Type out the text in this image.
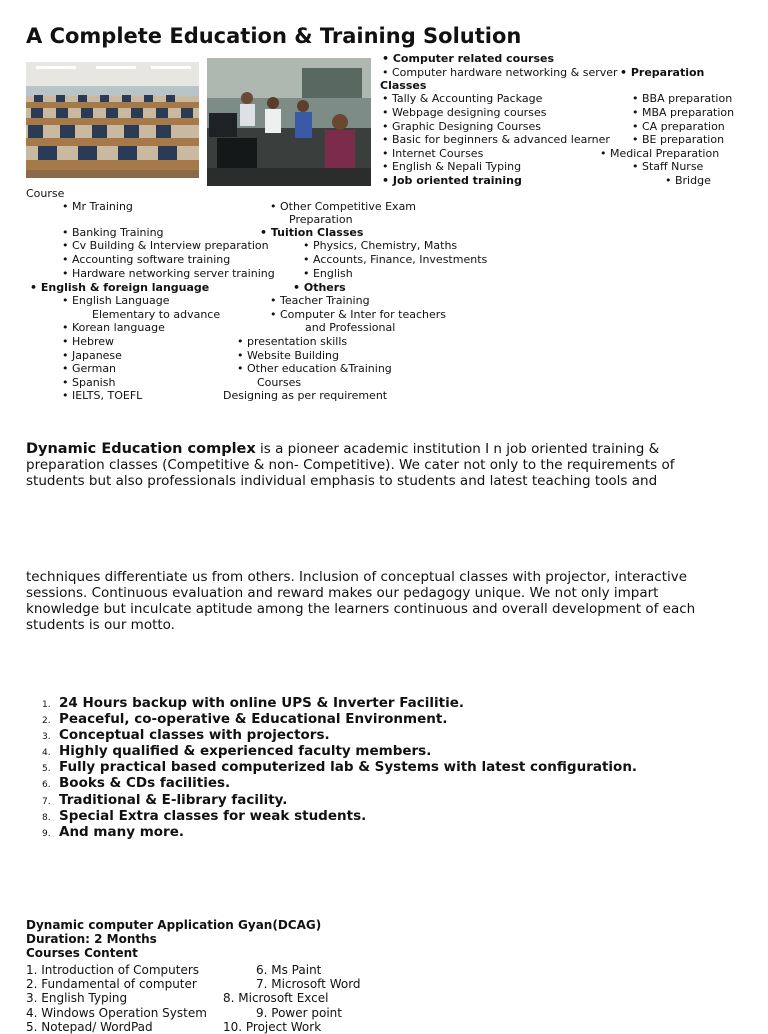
A Complete Education & Training Solution
• Computer related courses
• Computer hardware networking & server • Preparation
Classes
• Tally & Accounting Package	• BBA preparation
• Webpage designing courses	• MBA preparation
• Graphic Designing Courses	• CA preparation
• Basic for beginners & advanced learner • BE preparation
• Internet Courses	• Medical Preparation
• English & Nepali Typing	• Staff Nurse
• Job oriented training	• Bridge
Course
• Mr Training
• Banking Training
• Cv Building & Interview preparation
• Accounting software training
• Hardware networking server training
• English & foreign language
• English Language
Elementary to advance
• Korean language
• Hebrew
• Japanese
• German
• Spanish
• IELTS, TOEFL
• Other Competitive Exam
Preparation
• Tuition Classes
• Physics, Chemistry, Maths
• Accounts, Finance, Investments
• English
• Others
• Teacher Training
• Computer & Inter for teachers
and Professional
• presentation skills
• Website Building
• Other education &Training
Courses
Designing as per requirement
Dynamic Education complex is a pioneer academic institution I n job oriented training & preparation classes (Competitive & non- Competitive). We cater not only to the requirements of students but also professionals individual emphasis to students and latest teaching tools and
techniques differentiate us from others. Inclusion of conceptual classes with projector, interactive sessions. Continuous evaluation and reward makes our pedagogy unique. We not only impart knowledge but inculcate aptitude among the learners continuous and overall development of each students is our motto.
1. 24 Hours backup with online UPS & Inverter Facilitie.
2. Peaceful, co-operative & Educational Environment.
3. Conceptual classes with projectors.
4. Highly qualified & experienced faculty members.
5. Fully practical based computerized lab & Systems with latest configuration.
6. Books & CDs facilities.
7. Traditional & E-library facility.
8. Special Extra classes for weak students.
9. And many more.
Dynamic computer Application Gyan(DCAG)
Duration: 2 Months
Courses Content
1. Introduction of Computers
2. Fundamental of computer
3. English Typing
4. Windows Operation System
5. Notepad/ WordPad
6. Ms Paint
7. Microsoft Word
8. Microsoft Excel
9. Power point
10. Project Work
